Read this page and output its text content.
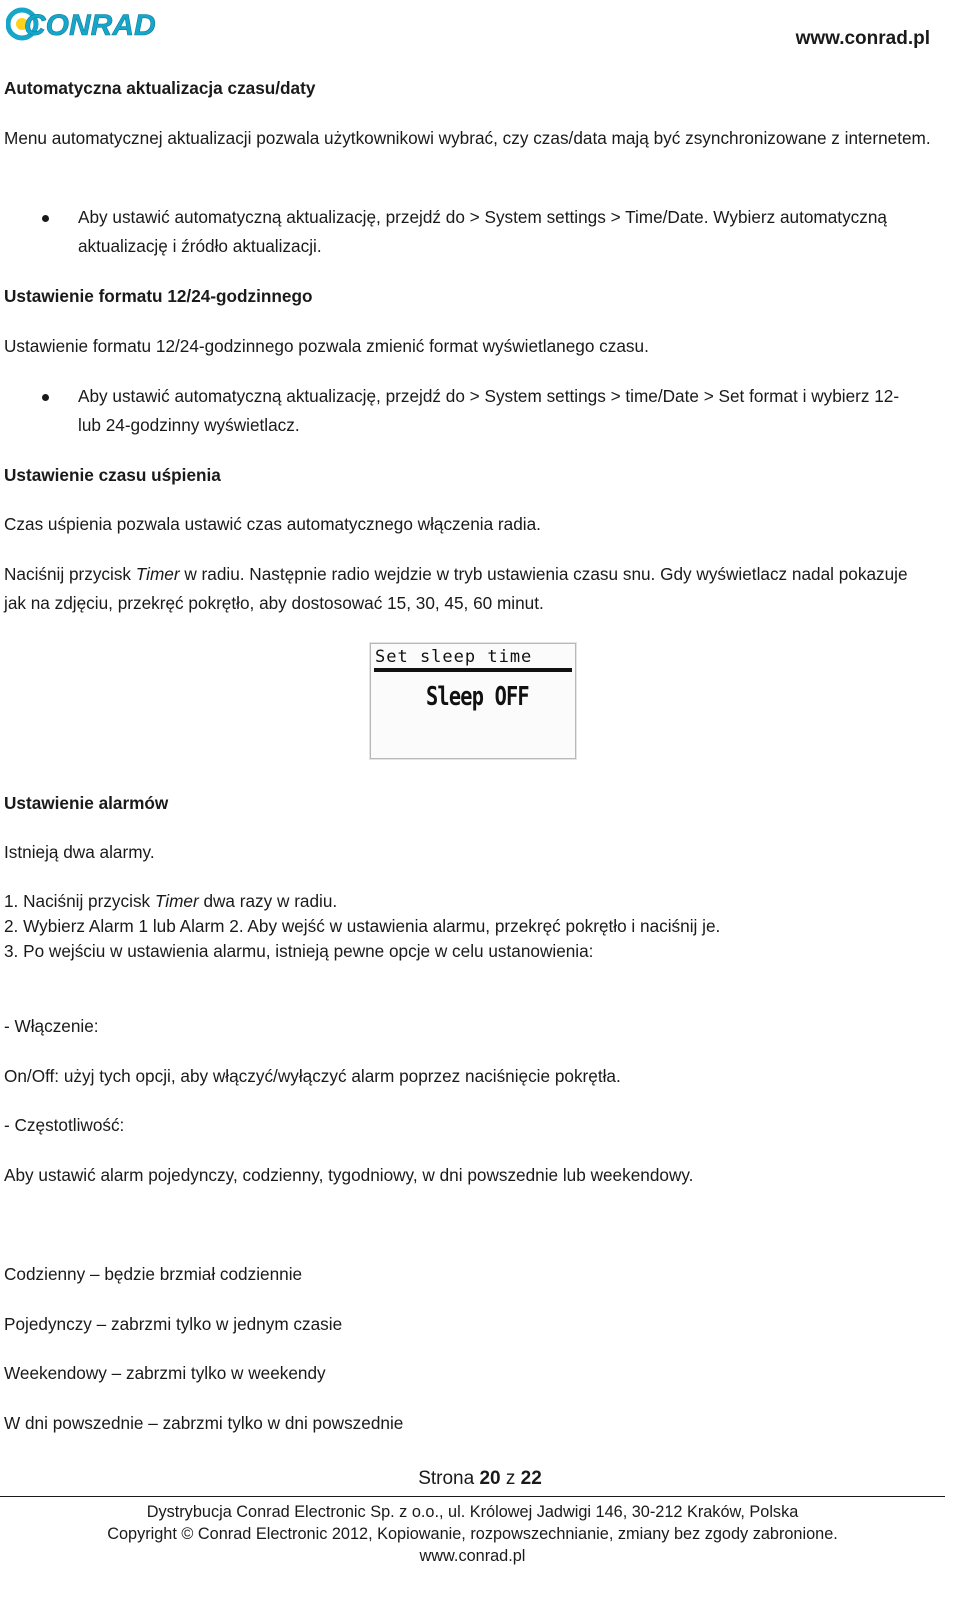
CONRAD	www.conrad.pl
Automatyczna aktualizacja czasu/daty
Menu automatycznej aktualizacji pozwala użytkownikowi wybrać, czy czas/data mają być zsynchronizowane z internetem.
Aby ustawić automatyczną aktualizację, przejdź do > System settings > Time/Date. Wybierz automatyczną aktualizację i źródło aktualizacji.
Ustawienie formatu 12/24-godzinnego
Ustawienie formatu 12/24-godzinnego pozwala zmienić format wyświetlanego czasu.
Aby ustawić automatyczną aktualizację, przejdź do > System settings > time/Date > Set format i wybierz 12- lub 24-godzinny wyświetlacz.
Ustawienie czasu uśpienia
Czas uśpienia pozwala ustawić czas automatycznego włączenia radia.
Naciśnij przycisk Timer w radiu. Następnie radio wejdzie w tryb ustawienia czasu snu. Gdy wyświetlacz nadal pokazuje jak na zdjęciu, przekręć pokrętło, aby dostosować 15, 30, 45, 60 minut.
Ustawienie alarmów
Istnieją dwa alarmy.
1. Naciśnij przycisk Timer dwa razy w radiu.
2. Wybierz Alarm 1 lub Alarm 2. Aby wejść w ustawienia alarmu, przekręć pokrętło i naciśnij je.
3. Po wejściu w ustawienia alarmu, istnieją pewne opcje w celu ustanowienia:
- Włączenie:
On/Off: użyj tych opcji, aby włączyć/wyłączyć alarm poprzez naciśnięcie pokrętła.
- Częstotliwość:
Aby ustawić alarm pojedynczy, codzienny, tygodniowy, w dni powszednie lub weekendowy.
Codzienny – będzie brzmiał codziennie
Pojedynczy – zabrzmi tylko w jednym czasie
Weekendowy – zabrzmi tylko w weekendy
W dni powszednie – zabrzmi tylko w dni powszednie
Set sleep time
Sleep OFF
Strona 20 z 22
Dystrybucja Conrad Electronic Sp. z o.o., ul. Królowej Jadwigi 146, 30-212 Kraków, Polska
Copyright © Conrad Electronic 2012, Kopiowanie, rozpowszechnianie, zmiany bez zgody zabronione.
www.conrad.pl
